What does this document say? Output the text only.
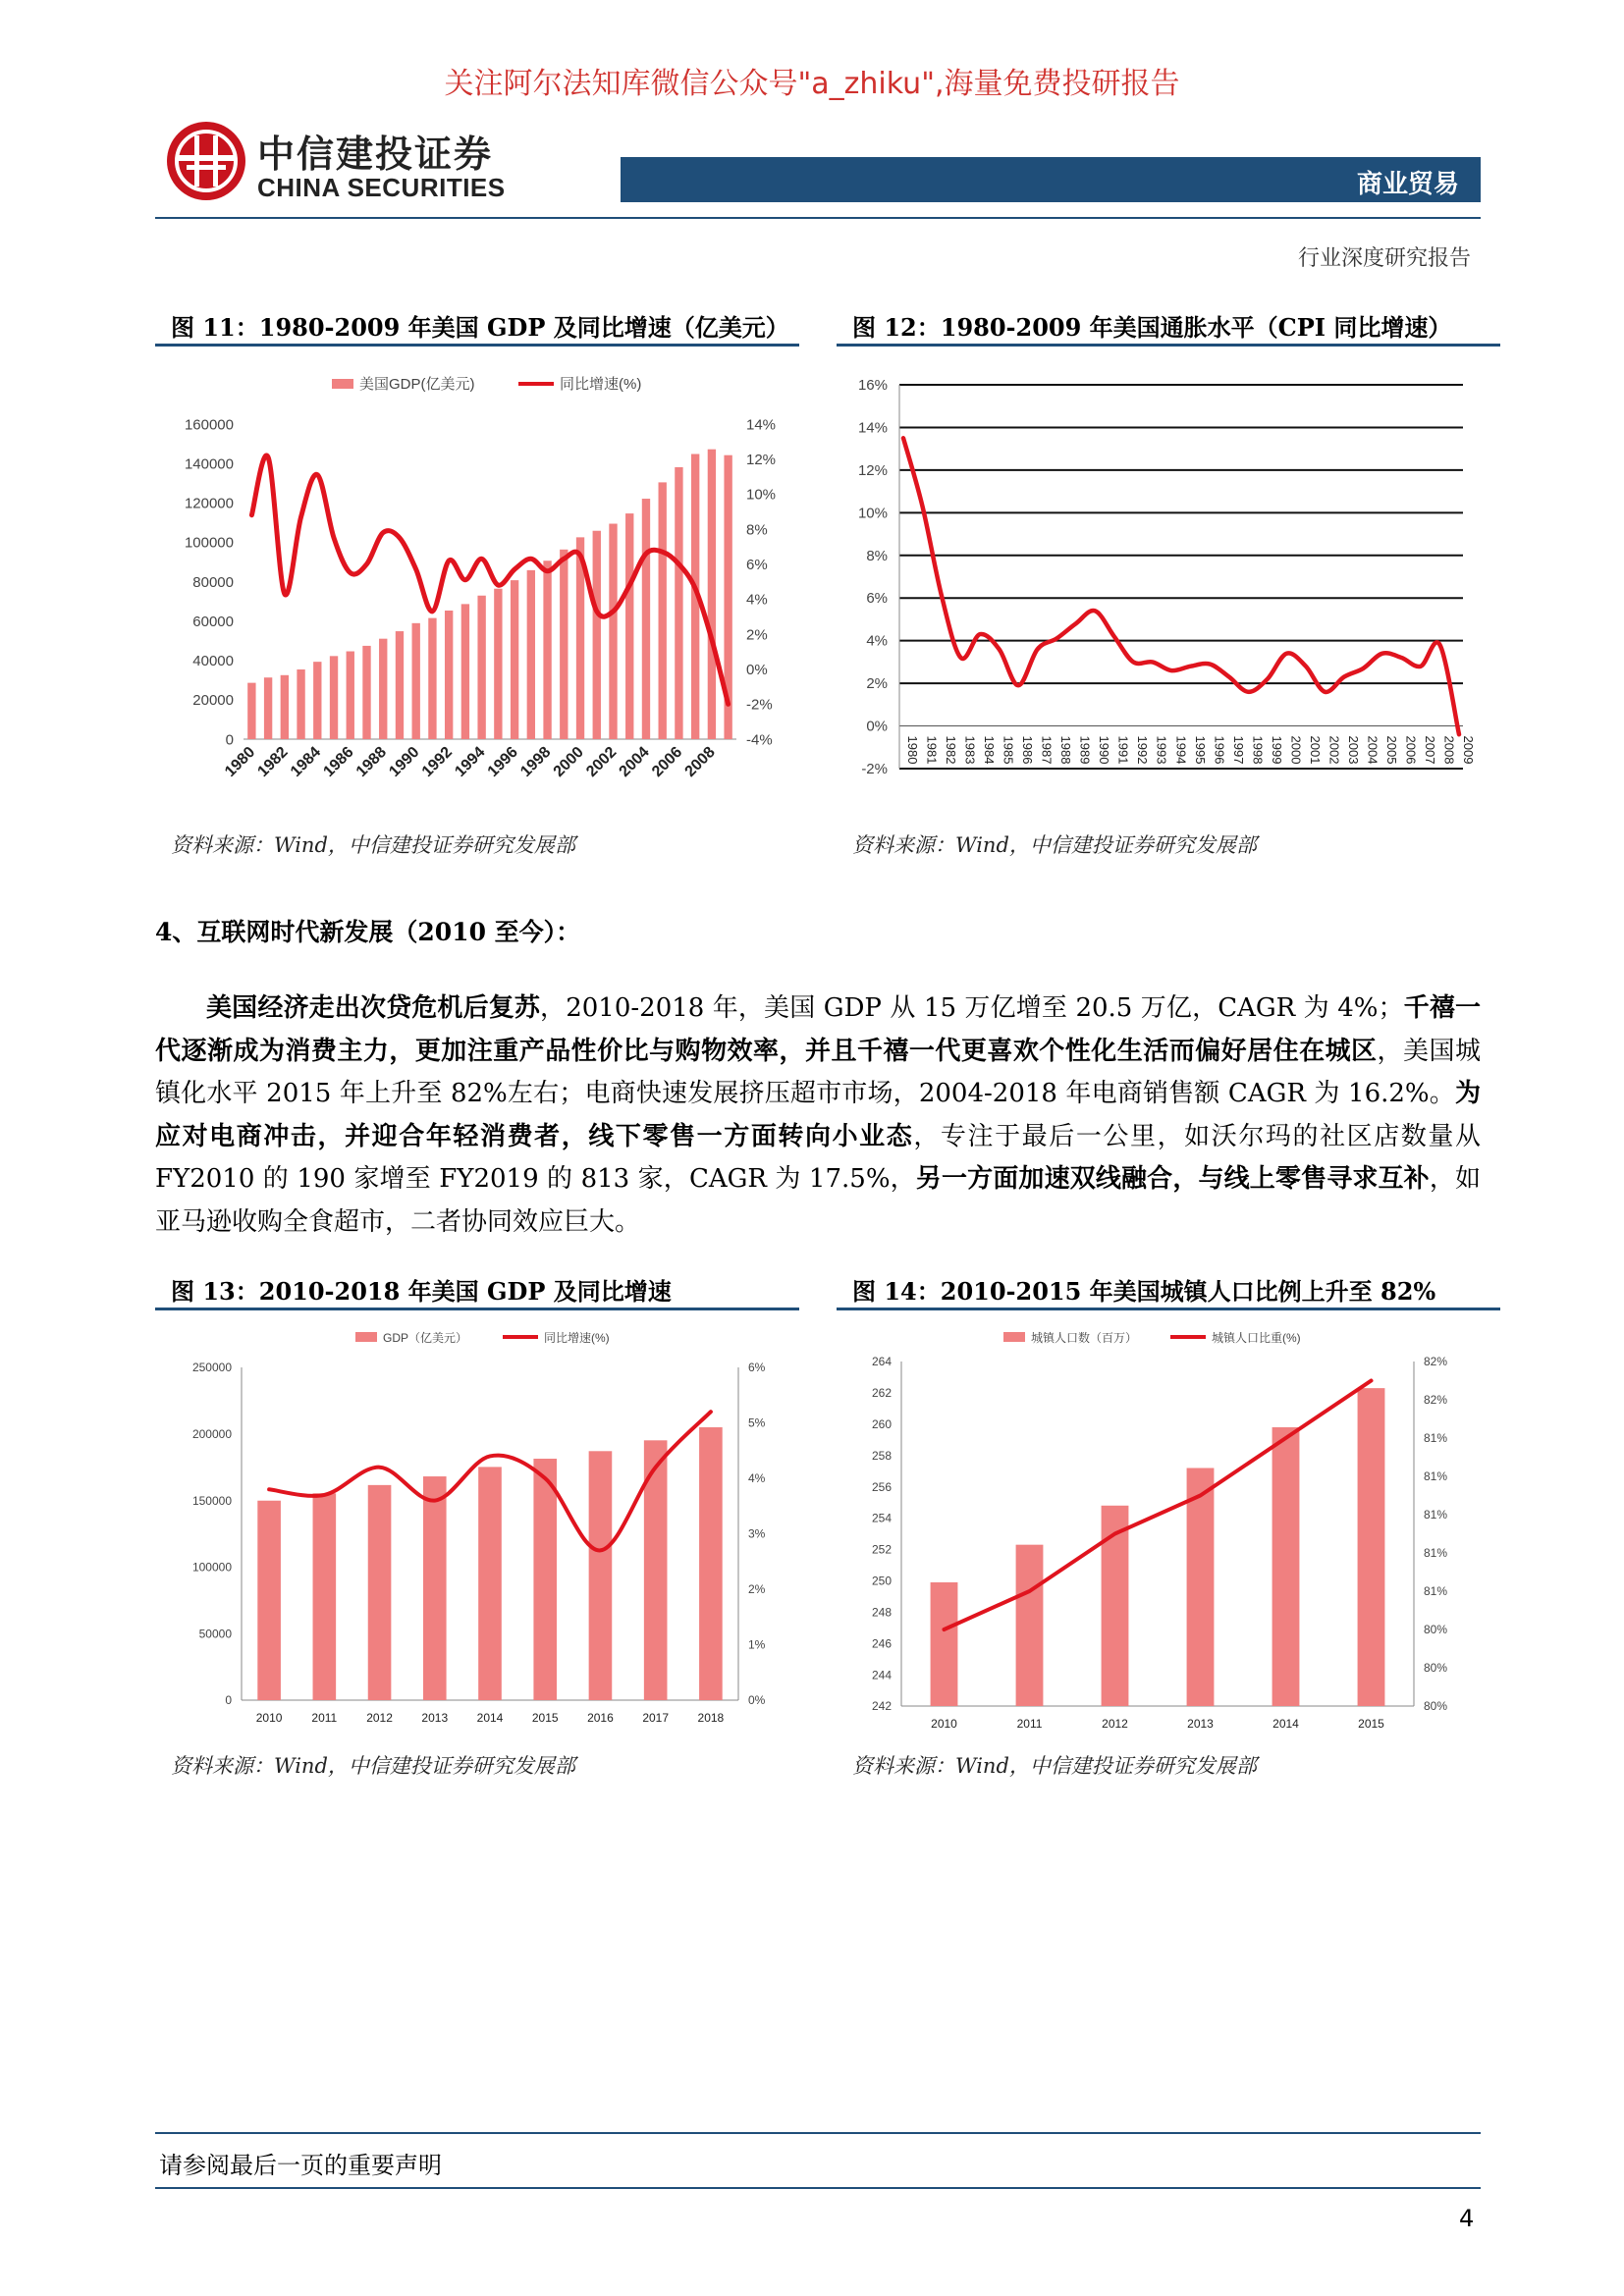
关注阿尔法知库微信公众号"a_zhiku",海量免费投研报告
中信建投证券
CHINA SECURITIES	商业贸易
行业深度研究报告
图 11：1980-2009 年美国 GDP 及同比增速（亿美元）	图 12：1980-2009 年美国通胀水平（CPI 同比增速）
美国GDP(亿美元)	同比增速(%)
0
20000
40000
60000
80000
100000
120000
140000
160000
-4%
-2%
0%
2%
4%
6%
8%
10%
12%
14%
1980
1982
1984
1986
1988
1990
1992
1994
1996
1998
2000
2002
2004
2006
2008	-2%
0%
2%
4%
6%
8%
10%
12%
14%
16%
1980 1981 1982 1983 1984 1985 1986 1987 1988 1989 1990 1991 1992 1993 1994 1995 1996 1997 1998 1999 2000 2001 2002 2003 2004 2005 2006 2007 2008 2009
资料来源：Wind，中信建投证券研究发展部	资料来源：Wind，中信建投证券研究发展部
4、互联网时代新发展（2010 至今）：
美国经济走出次贷危机后复苏，2010-2018 年，美国 GDP 从 15 万亿增至 20.5 万亿，CAGR 为 4%；千禧一代逐渐成为消费主力，更加注重产品性价比与购物效率，并且千禧一代更喜欢个性化生活而偏好居住在城区，美国城镇化水平 2015 年上升至 82%左右；电商快速发展挤压超市市场，2004-2018 年电商销售额 CAGR 为 16.2%。为应对电商冲击，并迎合年轻消费者，线下零售一方面转向小业态，专注于最后一公里，如沃尔玛的社区店数量从 FY2010 的 190 家增至 FY2019 的 813 家，CAGR 为 17.5%，另一方面加速双线融合，与线上零售寻求互补，如亚马逊收购全食超市，二者协同效应巨大。
图 13：2010-2018 年美国 GDP 及同比增速	图 14：2010-2015 年美国城镇人口比例上升至 82%
GDP（亿美元）	同比增速(%)
0
50000
100000
150000
200000
250000
0%
1%
2%
3%
4%
5%
6%
2010 2011 2012 2013 2014 2015 2016 2017 2018
城镇人口数（百万）	城镇人口比重(%)
242
244
246
248
250
252
254
256
258
260
262
264
80%
80%
80%
81%
81%
81%
81%
81%
82%
82%
2010	2011	2012	2013	2014	2015
资料来源：Wind，中信建投证券研究发展部	资料来源：Wind，中信建投证券研究发展部
请参阅最后一页的重要声明
4
